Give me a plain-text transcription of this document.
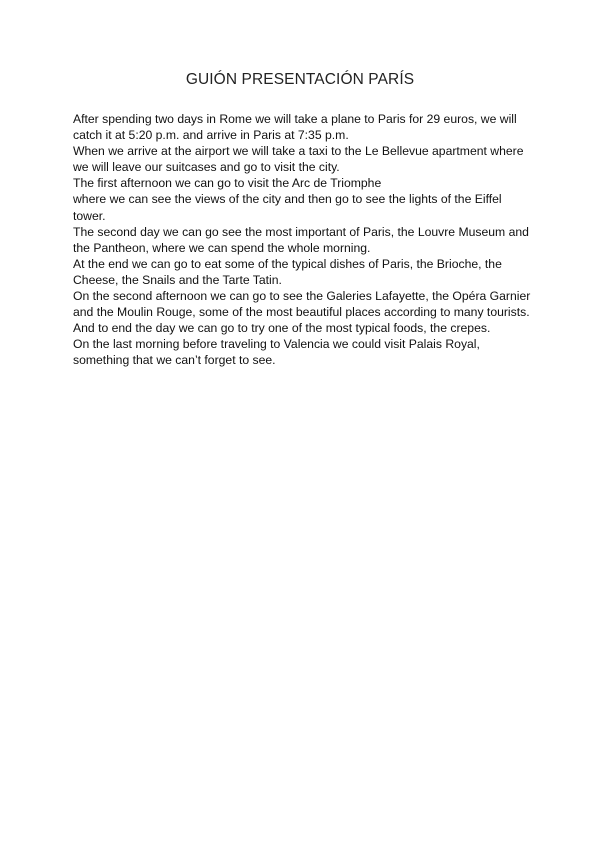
GUIÓN PRESENTACIÓN PARÍS
After spending two days in Rome we will take a plane to Paris for 29 euros, we will
catch it at 5:20 p.m. and arrive in Paris at 7:35 p.m.
When we arrive at the airport we will take a taxi to the Le Bellevue apartment where
we will leave our suitcases and go to visit the city.
The first afternoon we can go to visit the Arc de Triomphe
where we can see the views of the city and then go to see the lights of the Eiffel
tower.
The second day we can go see the most important of Paris, the Louvre Museum and
the Pantheon, where we can spend the whole morning.
At the end we can go to eat some of the typical dishes of Paris, the Brioche, the
Cheese, the Snails and the Tarte Tatin.
On the second afternoon we can go to see the Galeries Lafayette, the Opéra Garnier
and the Moulin Rouge, some of the most beautiful places according to many tourists.
And to end the day we can go to try one of the most typical foods, the crepes.
On the last morning before traveling to Valencia we could visit Palais Royal,
something that we can’t forget to see.
